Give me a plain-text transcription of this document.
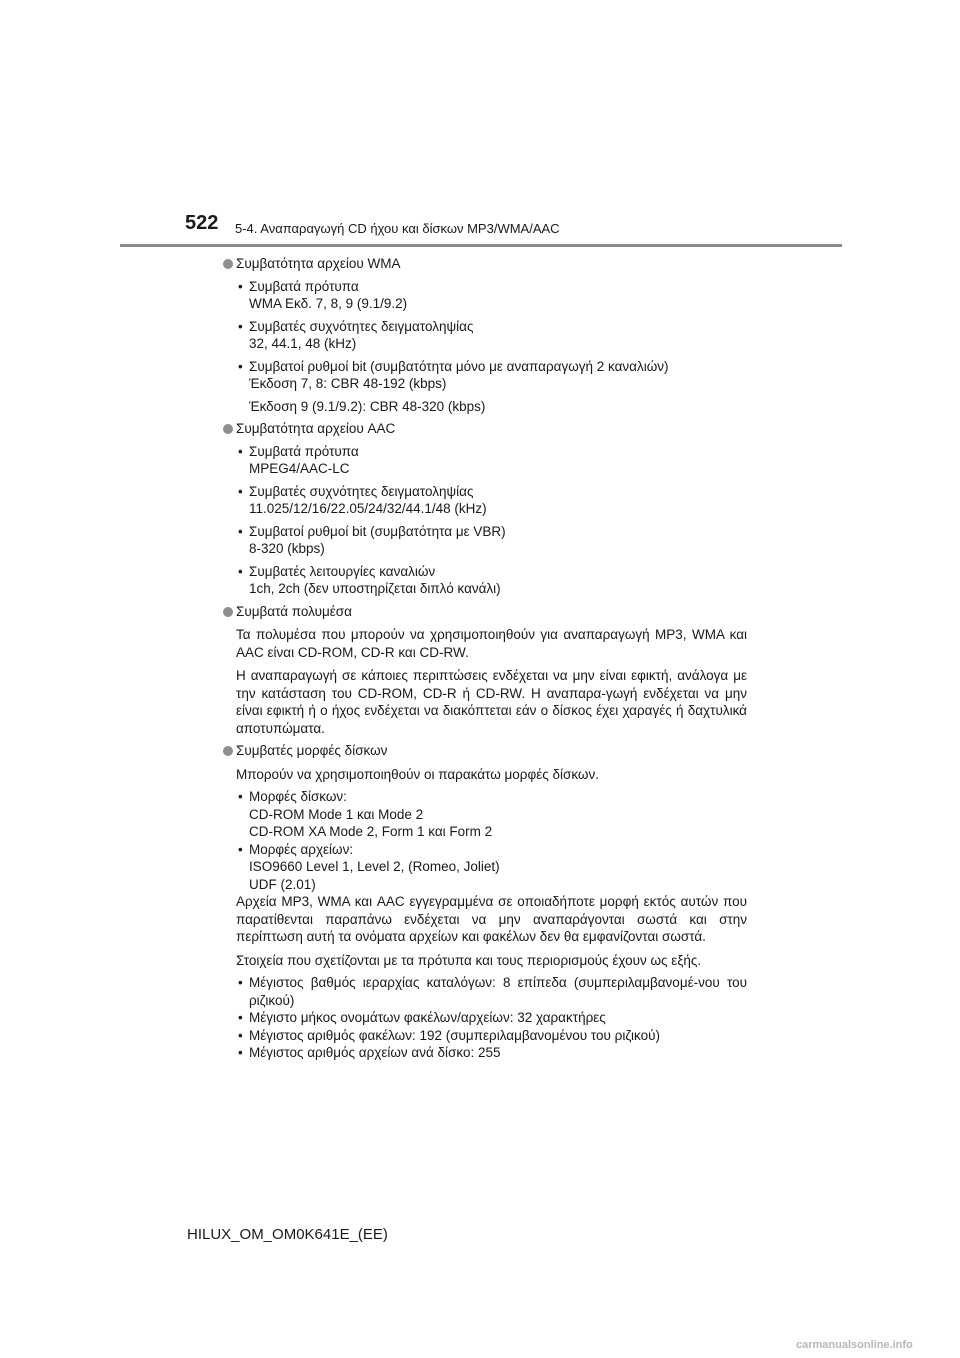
522 5-4. Αναπαραγωγή CD ήχου και δίσκων MP3/WMA/AAC
Συμβατότητα αρχείου WMA
• Συμβατά πρότυπα
WMA Εκδ. 7, 8, 9 (9.1/9.2)
• Συμβατές συχνότητες δειγματοληψίας
32, 44.1, 48 (kHz)
• Συμβατοί ρυθμοί bit (συμβατότητα μόνο με αναπαραγωγή 2 καναλιών)
Έκδοση 7, 8: CBR 48-192 (kbps)
Έκδοση 9 (9.1/9.2): CBR 48-320 (kbps)
Συμβατότητα αρχείου AAC
• Συμβατά πρότυπα
MPEG4/AAC-LC
• Συμβατές συχνότητες δειγματοληψίας
11.025/12/16/22.05/24/32/44.1/48 (kHz)
• Συμβατοί ρυθμοί bit (συμβατότητα με VBR)
8-320 (kbps)
• Συμβατές λειτουργίες καναλιών
1ch, 2ch (δεν υποστηρίζεται διπλό κανάλι)
Συμβατά πολυμέσα
Τα πολυμέσα που μπορούν να χρησιμοποιηθούν για αναπαραγωγή MP3, WMA και AAC είναι CD-ROM, CD-R και CD-RW.
Η αναπαραγωγή σε κάποιες περιπτώσεις ενδέχεται να μην είναι εφικτή, ανάλογα με την κατάσταση του CD-ROM, CD-R ή CD-RW. Η αναπαρα-γωγή ενδέχεται να μην είναι εφικτή ή ο ήχος ενδέχεται να διακόπτεται εάν ο δίσκος έχει χαραγές ή δαχτυλικά αποτυπώματα.
Συμβατές μορφές δίσκων
Μπορούν να χρησιμοποιηθούν οι παρακάτω μορφές δίσκων.
• Μορφές δίσκων:
CD-ROM Mode 1 και Mode 2
CD-ROM XA Mode 2, Form 1 και Form 2
• Μορφές αρχείων:
ISO9660 Level 1, Level 2, (Romeo, Joliet)
UDF (2.01)
Αρχεία MP3, WMA και AAC εγγεγραμμένα σε οποιαδήποτε μορφή εκτός αυτών που παρατίθενται παραπάνω ενδέχεται να μην αναπαράγονται σωστά και στην περίπτωση αυτή τα ονόματα αρχείων και φακέλων δεν θα εμφανίζονται σωστά.
Στοιχεία που σχετίζονται με τα πρότυπα και τους περιορισμούς έχουν ως εξής.
• Μέγιστος βαθμός ιεραρχίας καταλόγων: 8 επίπεδα (συμπεριλαμβανομέ-νου του ριζικού)
• Μέγιστο μήκος ονομάτων φακέλων/αρχείων: 32 χαρακτήρες
• Μέγιστος αριθμός φακέλων: 192 (συμπεριλαμβανομένου του ριζικού)
• Μέγιστος αριθμός αρχείων ανά δίσκο: 255
HILUX_OM_OM0K641E_(EE)
carmanualsonline.info
